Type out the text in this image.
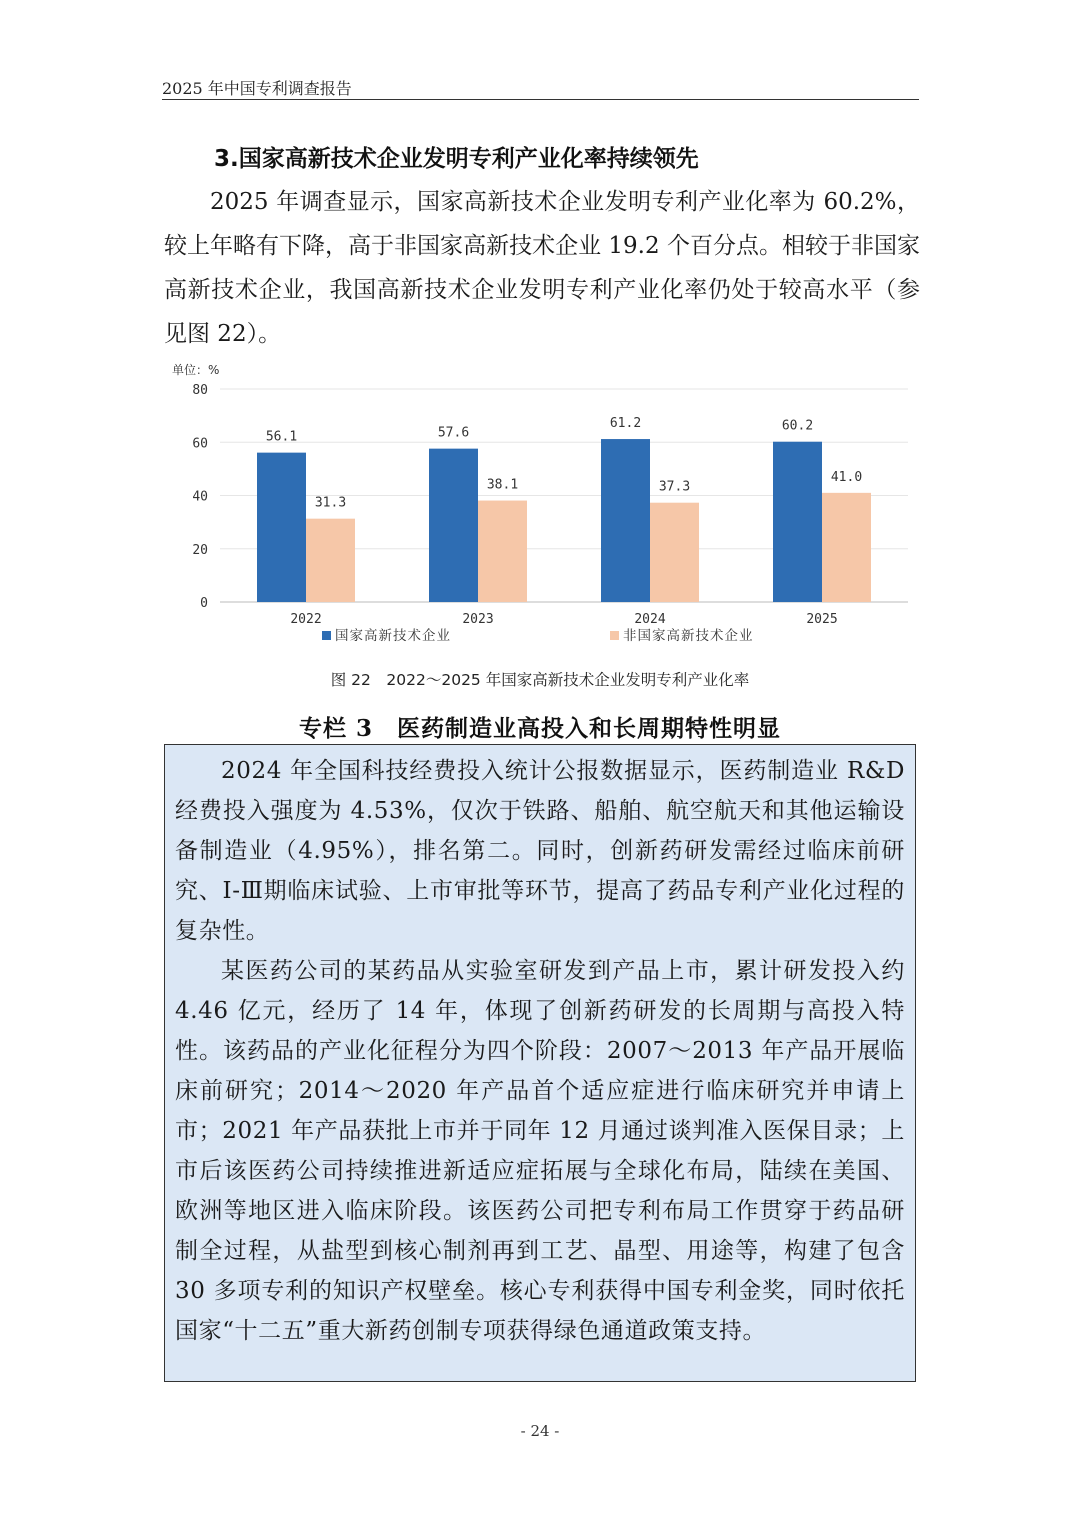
2025 年中国专利调查报告
3.国家高新技术企业发明专利产业化率持续领先

2025 年调查显示，国家高新技术企业发明专利产业化率为 60.2%，较上年略有下降，高于非国家高新技术企业 19.2 个百分点。相较于非国家高新技术企业，我国高新技术企业发明专利产业化率仍处于较高水平（参见图 22）。

单位：%
0
20
40
60
80
56.1
31.3
2022
57.6
38.1
2023
61.2
37.3
2024
60.2
41.0
2025
国家高新技术企业	非国家高新技术企业
图 22　2022～2025 年国家高新技术企业发明专利产业化率
专栏 3　医药制造业高投入和长周期特性明显

2024 年全国科技经费投入统计公报数据显示，医药制造业 R&D 经费投入强度为 4.53%，仅次于铁路、船舶、航空航天和其他运输设备制造业（4.95%），排名第二。同时，创新药研发需经过临床前研究、I-Ⅲ期临床试验、上市审批等环节，提高了药品专利产业化过程的复杂性。

某医药公司的某药品从实验室研发到产品上市，累计研发投入约 4.46 亿元，经历了 14 年，体现了创新药研发的长周期与高投入特性。该药品的产业化征程分为四个阶段：2007～2013 年产品开展临床前研究；2014～2020 年产品首个适应症进行临床研究并申请上市；2021 年产品获批上市并于同年 12 月通过谈判准入医保目录；上市后该医药公司持续推进新适应症拓展与全球化布局，陆续在美国、欧洲等地区进入临床阶段。该医药公司把专利布局工作贯穿于药品研制全过程，从盐型到核心制剂再到工艺、晶型、用途等，构建了包含 30 多项专利的知识产权壁垒。核心专利获得中国专利金奖，同时依托国家“十二五”重大新药创制专项获得绿色通道政策支持。

- 24 -
